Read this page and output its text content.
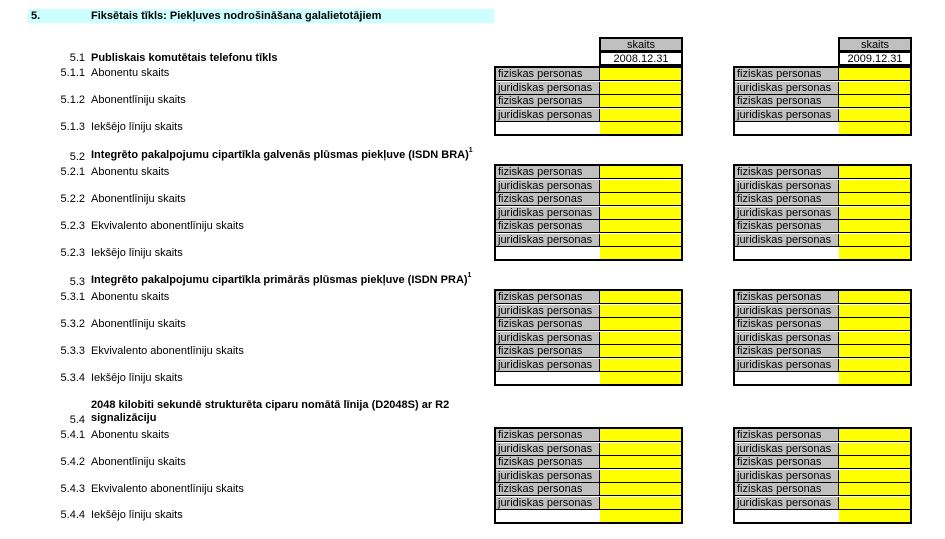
5.	Fiksētais tīkls: Piekļuves nodrošināšana galalietotājiem
skaits
2008.12.31
skaits
2009.12.31
5.1 Publiskais komutētais telefonu tīkls
5.1.1 Abonentu skaits
5.1.2 Abonentlīniju skaits
5.1.3 Iekšējo līniju skaits
5.2 Integrēto pakalpojumu cipartīkla galvenās plūsmas piekļuve (ISDN BRA)$^1$
5.2.1 Abonentu skaits
5.2.2 Abonentlīniju skaits
5.2.3 Ekvivalento abonentlīniju skaits
5.2.3 Iekšējo līniju skaits
5.3 Integrēto pakalpojumu cipartīkla primārās plūsmas piekļuve (ISDN PRA)$^1$
5.3.1 Abonentu skaits
5.3.2 Abonentlīniju skaits
5.3.3 Ekvivalento abonentlīniju skaits
5.3.4 Iekšējo līniju skaits
2048 kilobiti sekundē strukturēta ciparu nomātā līnija (D2048S) ar R2
5.4 signalizāciju
5.4.1 Abonentu skaits
5.4.2 Abonentlīniju skaits
5.4.3 Ekvivalento abonentlīniju skaits
5.4.4 Iekšējo līniju skaits
fiziskas personas
juridiskas personas
fiziskas personas
juridiskas personas
fiziskas personas
juridiskas personas
fiziskas personas
juridiskas personas
fiziskas personas
juridiskas personas
fiziskas personas
juridiskas personas
fiziskas personas
juridiskas personas
fiziskas personas
juridiskas personas
fiziskas personas
juridiskas personas
fiziskas personas
juridiskas personas
fiziskas personas
juridiskas personas
fiziskas personas
juridiskas personas
fiziskas personas
juridiskas personas
fiziskas personas
juridiskas personas
fiziskas personas
juridiskas personas
fiziskas personas
juridiskas personas
fiziskas personas
juridiskas personas
fiziskas personas
juridiskas personas
fiziskas personas
juridiskas personas
fiziskas personas
juridiskas personas
fiziskas personas
juridiskas personas
fiziskas personas
juridiskas personas
